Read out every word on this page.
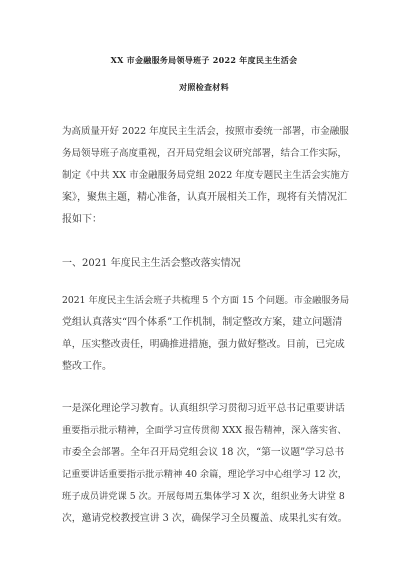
XX 市金融服务局领导班子 2022 年度民主生活会
对照检查材料
为高质量开好 2022 年度民主生活会，按照市委统一部署，市金融服
务局领导班子高度重视，召开局党组会议研究部署，结合工作实际，
制定《中共 XX 市金融服务局党组 2022 年度专题民主生活会实施方
案》，聚焦主题，精心准备，认真开展相关工作，现将有关情况汇
报如下：
一、2021 年度民主生活会整改落实情况
2021 年度民主生活会班子共梳理 5 个方面 15 个问题。市金融服务局
党组认真落实“四个体系”工作机制，制定整改方案，建立问题清
单，压实整改责任，明确推进措施，强力做好整改。目前，已完成
整改工作。
一是深化理论学习教育。认真组织学习贯彻习近平总书记重要讲话
重要指示批示精神，全面学习宣传贯彻 XXX 报告精神，深入落实省、
市委全会部署。全年召开局党组会议 18 次，“第一议题”学习总书
记重要讲话重要指示批示精神 40 余篇，理论学习中心组学习 12 次，
班子成员讲党课 5 次。开展每周五集体学习 X 次，组织业务大讲堂 8
次，邀请党校教授宣讲 3 次，确保学习全员覆盖、成果扎实有效。
